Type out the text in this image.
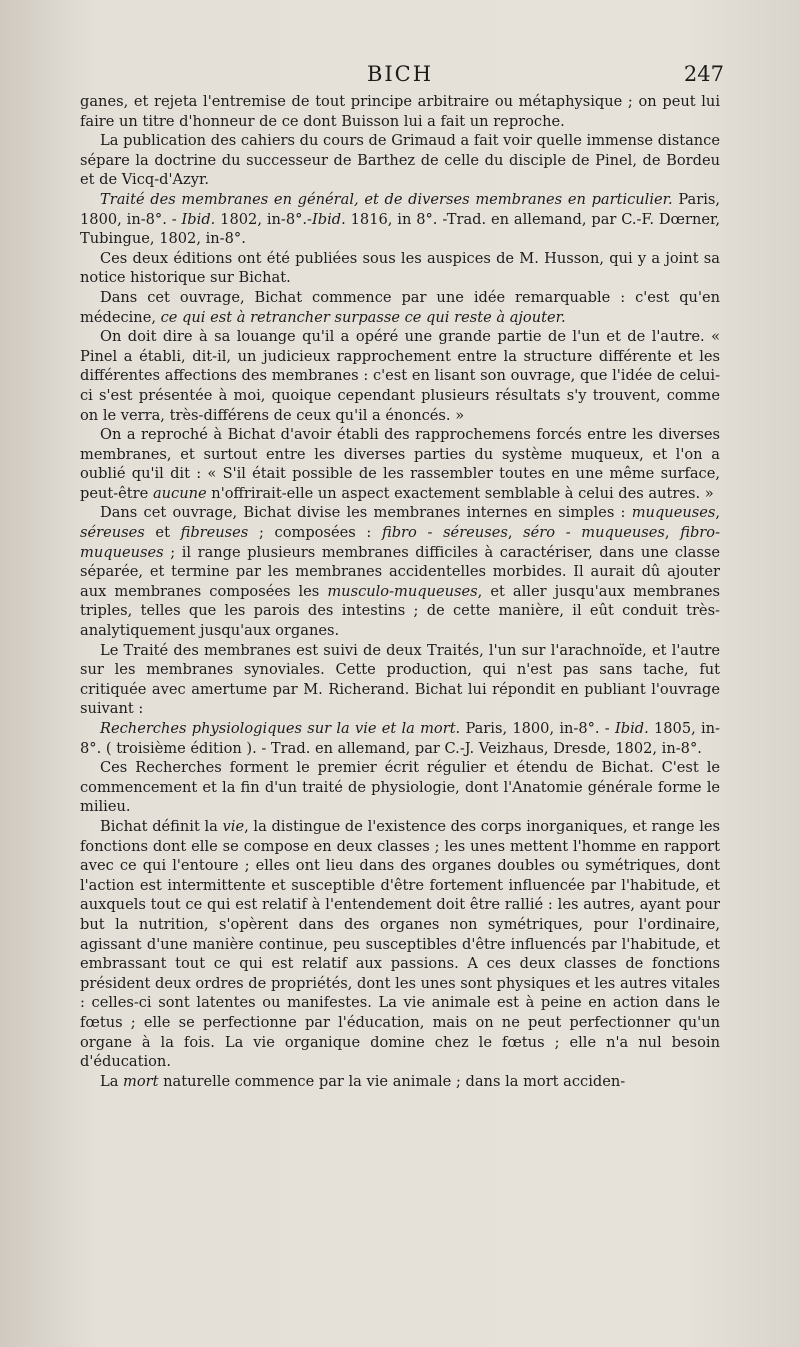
BICH	247

ganes, et rejeta l'entremise de tout principe arbitraire ou métaphysique ; on peut lui faire un titre d'honneur de ce dont Buisson lui a fait un reproche.

La publication des cahiers du cours de Grimaud a fait voir quelle immense distance sépare la doctrine du successeur de Barthez de celle du disciple de Pinel, de Bordeu et de Vicq-d'Azyr.

Traité des membranes en général, et de diverses membranes en particulier. Paris, 1800, in-8°. - Ibid. 1802, in-8°.-Ibid. 1816, in 8°. -Trad. en allemand, par C.-F. Dœrner, Tubingue, 1802, in-8°.

Ces deux éditions ont été publiées sous les auspices de M. Husson, qui y a joint sa notice historique sur Bichat.

Dans cet ouvrage, Bichat commence par une idée remarquable : c'est qu'en médecine, ce qui est à retrancher surpasse ce qui reste à ajouter.

On doit dire à sa louange qu'il a opéré une grande partie de l'un et de l'autre. « Pinel a établi, dit-il, un judicieux rapprochement entre la structure différente et les différentes affections des membranes : c'est en lisant son ouvrage, que l'idée de celui-ci s'est présentée à moi, quoique cependant plusieurs résultats s'y trouvent, comme on le verra, très-différens de ceux qu'il a énoncés. »

On a reproché à Bichat d'avoir établi des rapprochemens forcés entre les diverses membranes, et surtout entre les diverses parties du système muqueux, et l'on a oublié qu'il dit : « S'il était possible de les rassembler toutes en une même surface, peut-être aucune n'offrirait-elle un aspect exactement semblable à celui des autres. »

Dans cet ouvrage, Bichat divise les membranes internes en simples : muqueuses, séreuses et fibreuses ; composées : fibro - séreuses, séro - muqueuses, fibro-muqueuses ; il range plusieurs membranes difficiles à caractériser, dans une classe séparée, et termine par les membranes accidentelles morbides. Il aurait dû ajouter aux membranes composées les musculo-muqueuses, et aller jusqu'aux membranes triples, telles que les parois des intestins ; de cette manière, il eût conduit très-analytiquement jusqu'aux organes.

Le Traité des membranes est suivi de deux Traités, l'un sur l'arachnoïde, et l'autre sur les membranes synoviales. Cette production, qui n'est pas sans tache, fut critiquée avec amertume par M. Richerand. Bichat lui répondit en publiant l'ouvrage suivant :

Recherches physiologiques sur la vie et la mort. Paris, 1800, in-8°. - Ibid. 1805, in-8°. ( troisième édition ). - Trad. en allemand, par C.-J. Veizhaus, Dresde, 1802, in-8°.

Ces Recherches forment le premier écrit régulier et étendu de Bichat. C'est le commencement et la fin d'un traité de physiologie, dont l'Anatomie générale forme le milieu.

Bichat définit la vie, la distingue de l'existence des corps inorganiques, et range les fonctions dont elle se compose en deux classes ; les unes mettent l'homme en rapport avec ce qui l'entoure ; elles ont lieu dans des organes doubles ou symétriques, dont l'action est intermittente et susceptible d'être fortement influencée par l'habitude, et auxquels tout ce qui est relatif à l'entendement doit être rallié : les autres, ayant pour but la nutrition, s'opèrent dans des organes non symétriques, pour l'ordinaire, agissant d'une manière continue, peu susceptibles d'être influencés par l'habitude, et embrassant tout ce qui est relatif aux passions. A ces deux classes de fonctions président deux ordres de propriétés, dont les unes sont physiques et les autres vitales : celles-ci sont latentes ou manifestes. La vie animale est à peine en action dans le fœtus ; elle se perfectionne par l'éducation, mais on ne peut perfectionner qu'un organe à la fois. La vie organique domine chez le fœtus ; elle n'a nul besoin d'éducation.

La mort naturelle commence par la vie animale ; dans la mort acciden-
